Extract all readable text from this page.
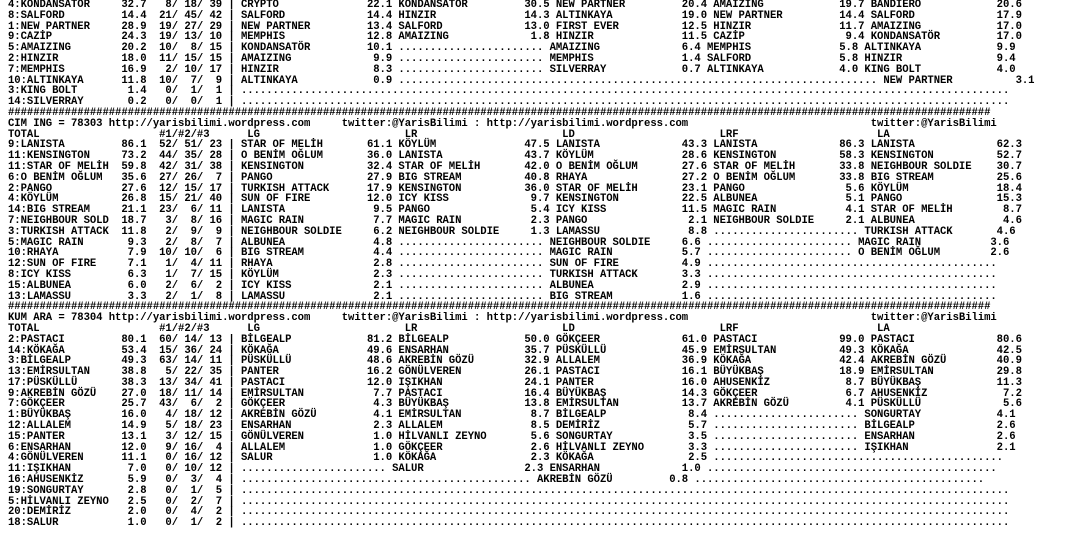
4:KONDANSATÖR     32.7   8/ 18/ 39 | CRYPTO              22.1 KONDANSATÖR         30.5 NEW PARTNER         20.4 AMAIZING            19.7 BANDIERO            20.6
8:SALFORD         14.4  21/ 45/ 42 | SALFORD             14.4 HINZIR              14.3 ALTINKAYA           19.0 NEW PARTNER         14.4 SALFORD             17.9
1:NEW PARTNER     28.9  19/ 27/ 29 | NEW PARTNER         13.4 SALFORD             13.0 FIRST EVER          12.5 HINZIR              11.7 AMAIZING            17.0
9:CAZİP           24.3  19/ 13/ 10 | MEMPHIS             12.8 AMAIZING             1.8 HINZIR              11.5 CAZİP                9.4 KONDANSATÖR         17.0
5:AMAIZING        20.2  10/  8/ 15 | KONDANSATÖR         10.1 ....................... AMAIZING             6.4 MEMPHIS              5.8 ALTINKAYA            9.9
2:HINZIR          18.0  11/ 15/ 15 | AMAIZING             9.9 ....................... MEMPHIS              1.4 SALFORD              5.8 HINZIR               9.4
7:MEMPHIS         16.9   2/ 10/ 17 | HINZIR               8.3 ....................... SILVERRAY            0.7 ALTINKAYA            4.0 KING BOLT            4.0
10:ALTINKAYA      11.8  10/  7/  9 | ALTINKAYA            0.9 ............................................................................ NEW PARTNER          3.1
3:KING BOLT        1.4   0/  1/  1 | ..........................................................................................................................
14:SILVERRAY       0.2   0/  0/  1 | ..........................................................................................................................
############################################################################################################################################################
CIM ING = 78303 http://yarisbilimi.wordpress.com     twitter:@YarisBilimi : http://yarisbilimi.wordpress.com                             twitter:@YarisBilimi
TOTAL                   #1/#2/#3      LG                       LR                       LD                       LRF                      LA
9:LANISTA         86.1  52/ 51/ 23 | STAR OF MELİH       61.1 KÖYLÜM              47.5 LANISTA             43.3 LANISTA             86.3 LANISTA             62.3
11:KENSINGTON     73.2  44/ 35/ 28 | O BENİM OĞLUM       36.0 LANISTA             43.7 KÖYLÜM              28.6 KENSINGTON          58.3 KENSINGTON          52.7
11:STAR OF MELİH  59.8  42/ 31/ 38 | KENSINGTON          32.4 STAR OF MELİH       42.0 O BENİM OĞLUM       27.6 STAR OF MELİH       33.8 NEIGHBOUR SOLDIE    30.7
6:O BENİM OĞLUM   35.6  27/ 26/  7 | PANGO               27.9 BIG STREAM          40.8 RHAYA               27.2 O BENİM OĞLUM       33.8 BIG STREAM          25.6
2:PANGO           27.6  12/ 15/ 17 | TURKISH ATTACK      17.9 KENSINGTON          36.0 STAR OF MELİH       23.1 PANGO                5.6 KÖYLÜM              18.4
4:KÖYLÜM          26.8  15/ 21/ 40 | SUN OF FIRE         12.0 ICY KISS             9.7 KENSINGTON          22.5 ALBUNEA              5.1 PANGO               15.3
14:BIG STREAM     21.1  23/  6/ 11 | LANISTA              9.5 PANGO                5.4 ICY KISS            11.5 MAGIC RAIN           4.1 STAR OF MELİH        8.7
7:NEIGHBOUR SOLD  18.7   3/  8/ 16 | MAGIC RAIN           7.7 MAGIC RAIN           2.3 PANGO                2.1 NEIGHBOUR SOLDIE     2.1 ALBUNEA              4.6
3:TURKISH ATTACK  11.8   2/  9/  9 | NEIGHBOUR SOLDIE     6.2 NEIGHBOUR SOLDIE     1.3 LAMASSU              8.8 ....................... TURKISH ATTACK       4.6
5:MAGIC RAIN       9.3   2/  8/  7 | ALBUNEA              4.8 ....................... NEIGHBOUR SOLDIE     6.6 ....................... MAGIC RAIN           3.6
10:RHAYA           7.9  10/ 10/  6 | BIG STREAM           4.4 ....................... MAGIC RAIN           5.7 ....................... O BENİM OĞLUM        2.6
12:SUN OF FIRE     7.1   1/  4/ 11 | RHAYA                2.8 ....................... SUN OF FIRE          4.9 ..............................................
8:ICY KISS         6.3   1/  7/ 15 | KÖYLÜM               2.3 ....................... TURKISH ATTACK       3.3 ..............................................
15:ALBUNEA         6.0   2/  6/  2 | ICY KISS             2.1 ....................... ALBUNEA              2.9 ..............................................
13:LAMASSU         3.3   2/  1/  8 | LAMASSU              2.1 ....................... BIG STREAM           1.6 ..............................................
############################################################################################################################################################
KUM ARA = 78304 http://yarisbilimi.wordpress.com     twitter:@YarisBilimi : http://yarisbilimi.wordpress.com                             twitter:@YarisBilimi
TOTAL                   #1/#2/#3      LG                       LR                       LD                       LRF                      LA
2:PASTACI         80.1  60/ 14/ 13 | BİLGEALP            81.2 BİLGEALP            50.0 GÖKÇEER             61.0 PASTACI             99.0 PASTACI             80.6
14:KÖKAĞA         53.4  15/ 36/ 24 | KÖKAĞA              49.6 ENSARHAN            35.7 PÜSKÜLLÜ            45.9 EMİRSULTAN          49.3 KÖKAĞA              42.5
3:BİLGEALP        49.3  63/ 14/ 11 | PÜSKÜLLÜ            48.6 AKREBİN GÖZÜ        32.9 ALLALEM             36.9 KÖKAĞA              42.4 AKREBİN GÖZÜ        40.9
13:EMİRSULTAN     38.8   5/ 22/ 35 | PANTER              16.2 GÖNÜLVEREN          26.1 PASTACI             16.1 BÜYÜKBAŞ            18.9 EMİRSULTAN          29.8
17:PÜSKÜLLÜ       38.3  13/ 34/ 41 | PASTACI             12.0 IŞIKHAN             24.1 PANTER              16.0 AHUSENKİZ            8.7 BÜYÜKBAŞ            11.3
9:AKREBİN GÖZÜ    27.0  18/ 11/ 14 | EMİRSULTAN           7.7 PASTACI             16.4 BÜYÜKBAŞ            14.3 GÖKÇEER              6.7 AHUSENKİZ            7.2
7:GÖKÇEER         25.7  43/  6/  2 | GÖKÇEER              4.3 BÜYÜKBAŞ            13.8 EMİRSULTAN          13.7 AKREBİN GÖZÜ         4.1 PÜSKÜLLÜ             5.6
1:BÜYÜKBAŞ        16.0   4/ 18/ 12 | AKREBİN GÖZÜ         4.1 EMİRSULTAN           8.7 BİLGEALP             8.4 ....................... SONGURTAY            4.1
12:ALLALEM        14.9   5/ 18/ 23 | ENSARHAN             2.3 ALLALEM              8.5 DEMİRİZ              5.7 ....................... BİLGEALP             2.6
15:PANTER         13.1   3/ 12/ 15 | GÖNÜLVEREN           1.0 HİLVANLI ZEYNO       5.6 SONGURTAY            3.5 ....................... ENSARHAN             2.6
6:ENSARHAN        12.0   9/ 16/  4 | ALLALEM              1.0 GÖKÇEER              2.6 HİLVANLI ZEYNO       3.3 ....................... IŞIKHAN              2.1
4:GÖNÜLVEREN      11.1   0/ 16/ 12 | SALUR                1.0 KÖKAĞA               2.3 KÖKAĞA               2.5 ..............................................
11:IŞIKHAN         7.0   0/ 10/ 12 | ....................... SALUR                2.3 ENSARHAN             1.0 ..............................................
16:AHUSENKİZ       5.9   0/  3/  4 | .............................................. AKREBİN GÖZÜ         0.8 ..............................................
19:SONGURTAY       2.8   0/  1/  5 | ..........................................................................................................................
5:HİLVANLI ZEYNO   2.5   0/  2/  7 | ..........................................................................................................................
20:DEMİRİZ         2.0   0/  4/  2 | ..........................................................................................................................
18:SALUR           1.0   0/  1/  2 | ..........................................................................................................................
